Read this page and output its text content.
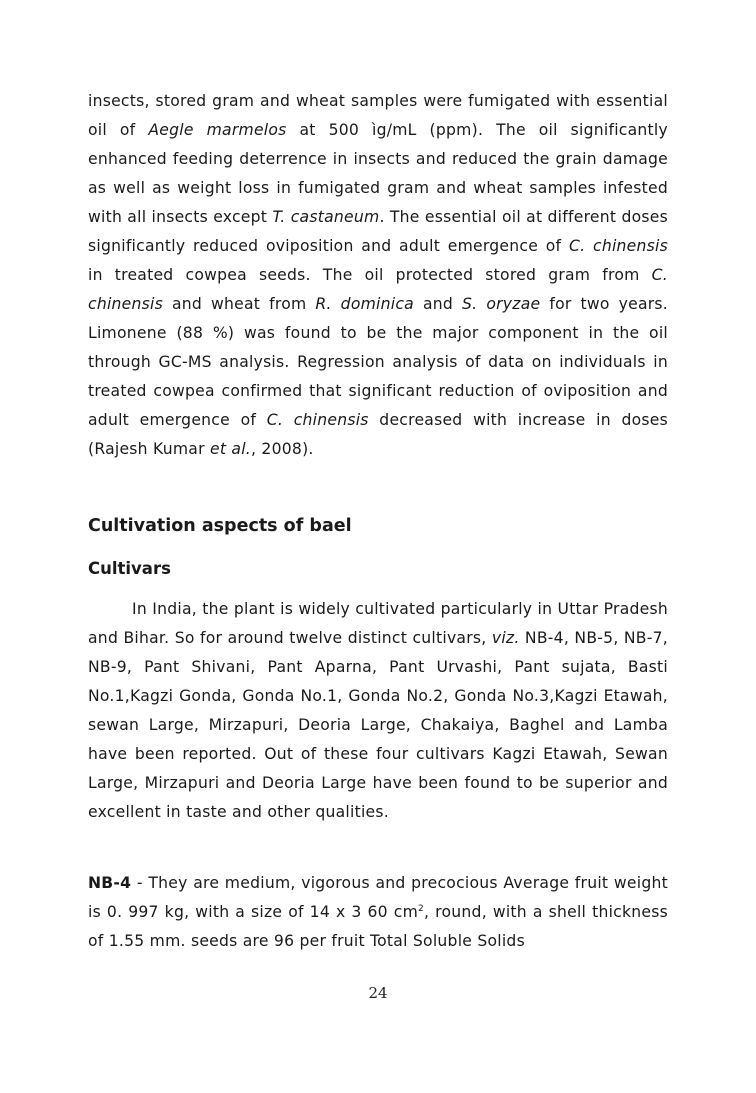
insects, stored gram and wheat samples were fumigated with essential oil of Aegle marmelos at 500 ìg/mL (ppm). The oil significantly enhanced feeding deterrence in insects and reduced the grain damage as well as weight loss in fumigated gram and wheat samples infested with all insects except T. castaneum. The essential oil at different doses significantly reduced oviposition and adult emergence of C. chinensis in treated cowpea seeds. The oil protected stored gram from C. chinensis and wheat from R. dominica and S. oryzae for two years. Limonene (88 %) was found to be the major component in the oil through GC-MS analysis. Regression analysis of data on individuals in treated cowpea confirmed that significant reduction of oviposition and adult emergence of C. chinensis decreased with increase in doses (Rajesh Kumar et al., 2008).

Cultivation aspects of bael
Cultivars

In India, the plant is widely cultivated particularly in Uttar Pradesh and Bihar. So for around twelve distinct cultivars, viz. NB-4, NB-5, NB-7, NB-9, Pant Shivani, Pant Aparna, Pant Urvashi, Pant sujata, Basti No.1,Kagzi Gonda, Gonda No.1, Gonda No.2, Gonda No.3,Kagzi Etawah, sewan Large, Mirzapuri, Deoria Large, Chakaiya, Baghel and Lamba have been reported. Out of these four cultivars Kagzi Etawah, Sewan Large, Mirzapuri and Deoria Large have been found to be superior and excellent in taste and other qualities.

NB-4 - They are medium, vigorous and precocious Average fruit weight is 0. 997 kg, with a size of 14 x 3 60 $cm^2$, round, with a shell thickness of 1.55 mm. seeds are 96 per fruit Total Soluble Solids

24
